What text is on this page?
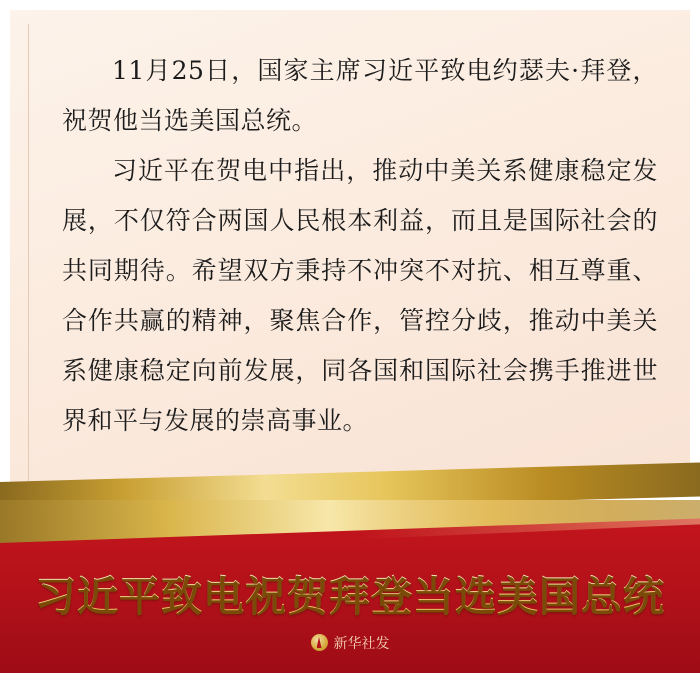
11月25日，国家主席习近平致电约瑟夫·拜登，祝贺他当选美国总统。

习近平在贺电中指出，推动中美关系健康稳定发展，不仅符合两国人民根本利益，而且是国际社会的共同期待。希望双方秉持不冲突不对抗、相互尊重、合作共赢的精神，聚焦合作，管控分歧，推动中美关系健康稳定向前发展，同各国和国际社会携手推进世界和平与发展的崇高事业。

习近平致电祝贺拜登当选美国总统
新华社发
